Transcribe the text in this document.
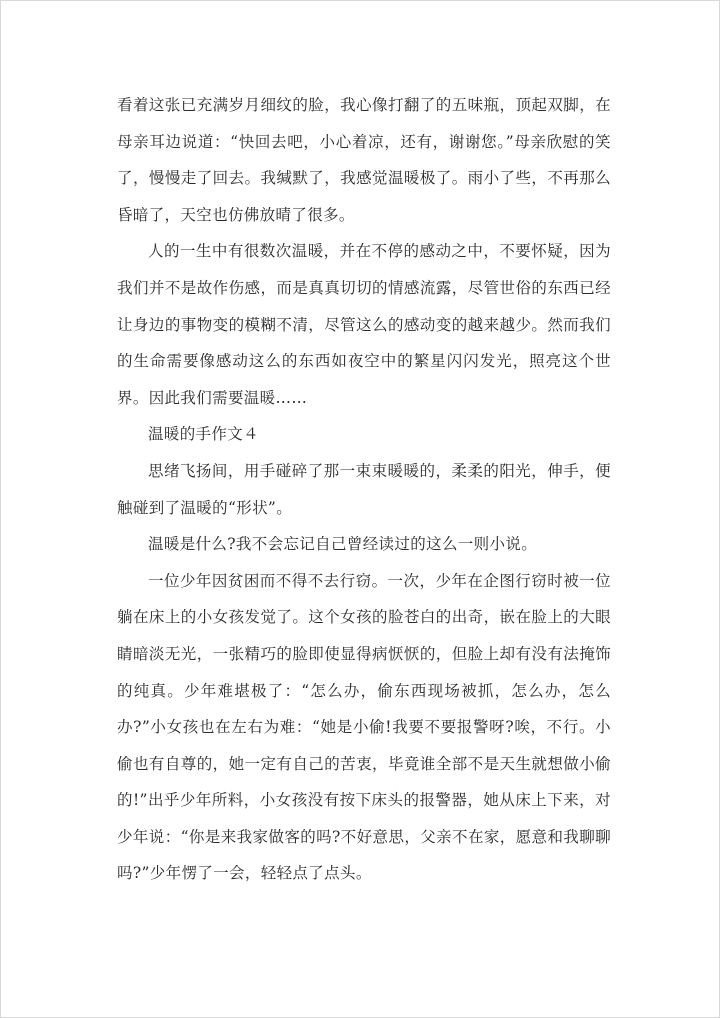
看着这张已充满岁月细纹的脸，我心像打翻了的五味瓶，顶起双脚，在母亲耳边说道：“快回去吧，小心着凉，还有，谢谢您。”母亲欣慰的笑了，慢慢走了回去。我缄默了，我感觉温暖极了。雨小了些，不再那么昏暗了，天空也仿佛放晴了很多。

人的一生中有很数次温暖，并在不停的感动之中，不要怀疑，因为我们并不是故作伤感，而是真真切切的情感流露，尽管世俗的东西已经让身边的事物变的模糊不清，尽管这么的感动变的越来越少。然而我们的生命需要像感动这么的东西如夜空中的繁星闪闪发光，照亮这个世界。因此我们需要温暖……

温暖的手作文４

思绪飞扬间，用手碰碎了那一束束暖暖的，柔柔的阳光，伸手，便触碰到了温暖的“形状”。

温暖是什么?我不会忘记自己曾经读过的这么一则小说。

一位少年因贫困而不得不去行窃。一次，少年在企图行窃时被一位躺在床上的小女孩发觉了。这个女孩的脸苍白的出奇，嵌在脸上的大眼睛暗淡无光，一张精巧的脸即使显得病恹恹的，但脸上却有没有法掩饰的纯真。少年难堪极了：“怎么办，偷东西现场被抓，怎么办，怎么办?”小女孩也在左右为难：“她是小偷!我要不要报警呀?唉，不行。小偷也有自尊的，她一定有自己的苦衷，毕竟谁全部不是天生就想做小偷的!”出乎少年所料，小女孩没有按下床头的报警器，她从床上下来，对少年说：“你是来我家做客的吗?不好意思，父亲不在家，愿意和我聊聊吗?”少年愣了一会，轻轻点了点头。
